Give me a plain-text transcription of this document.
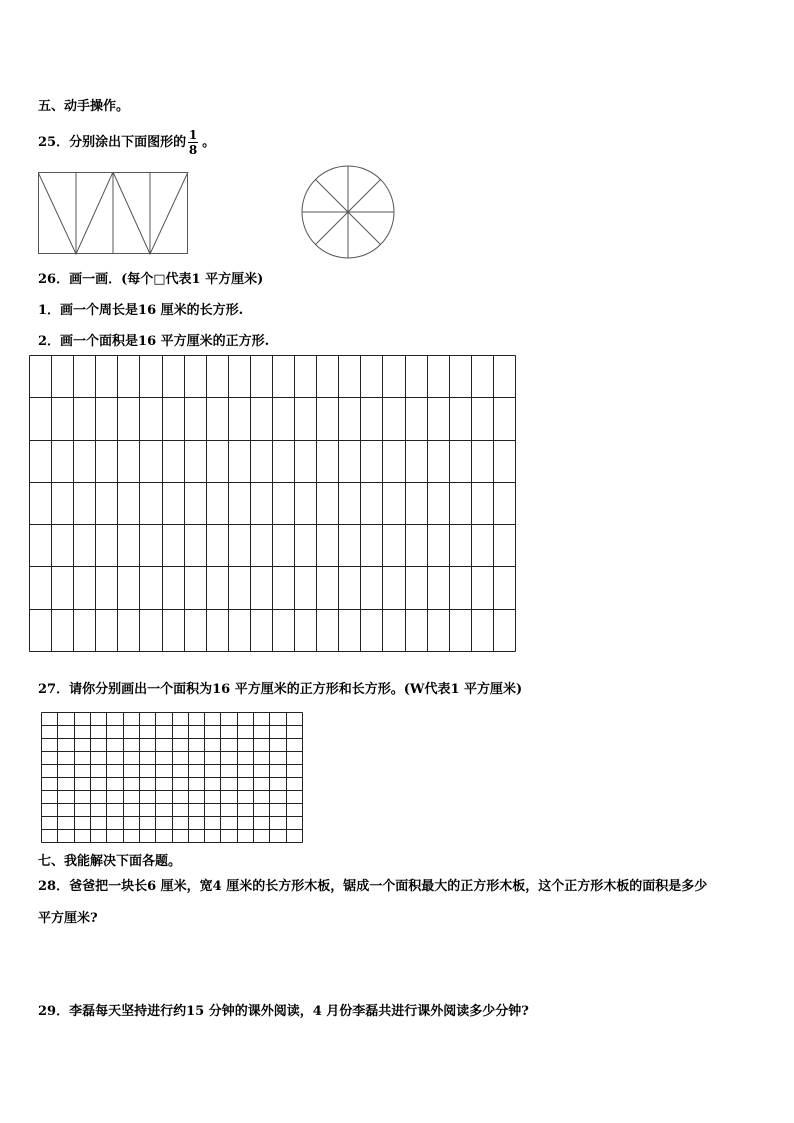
五、动手操作。
25．分别涂出下面图形的 $\frac{1}{8}$ 。
26．画一画．(每个□代表1 平方厘米)
1．画一个周长是16 厘米的长方形.
2．画一个面积是16 平方厘米的正方形.
27．请你分别画出一个面积为16 平方厘米的正方形和长方形。(W代表1 平方厘米)
七、我能解决下面各题。
28．爸爸把一块长6 厘米，宽4 厘米的长方形木板，锯成一个面积最大的正方形木板，这个正方形木板的面积是多少
平方厘米?
29．李磊每天坚持进行约15 分钟的课外阅读，4 月份李磊共进行课外阅读多少分钟?
